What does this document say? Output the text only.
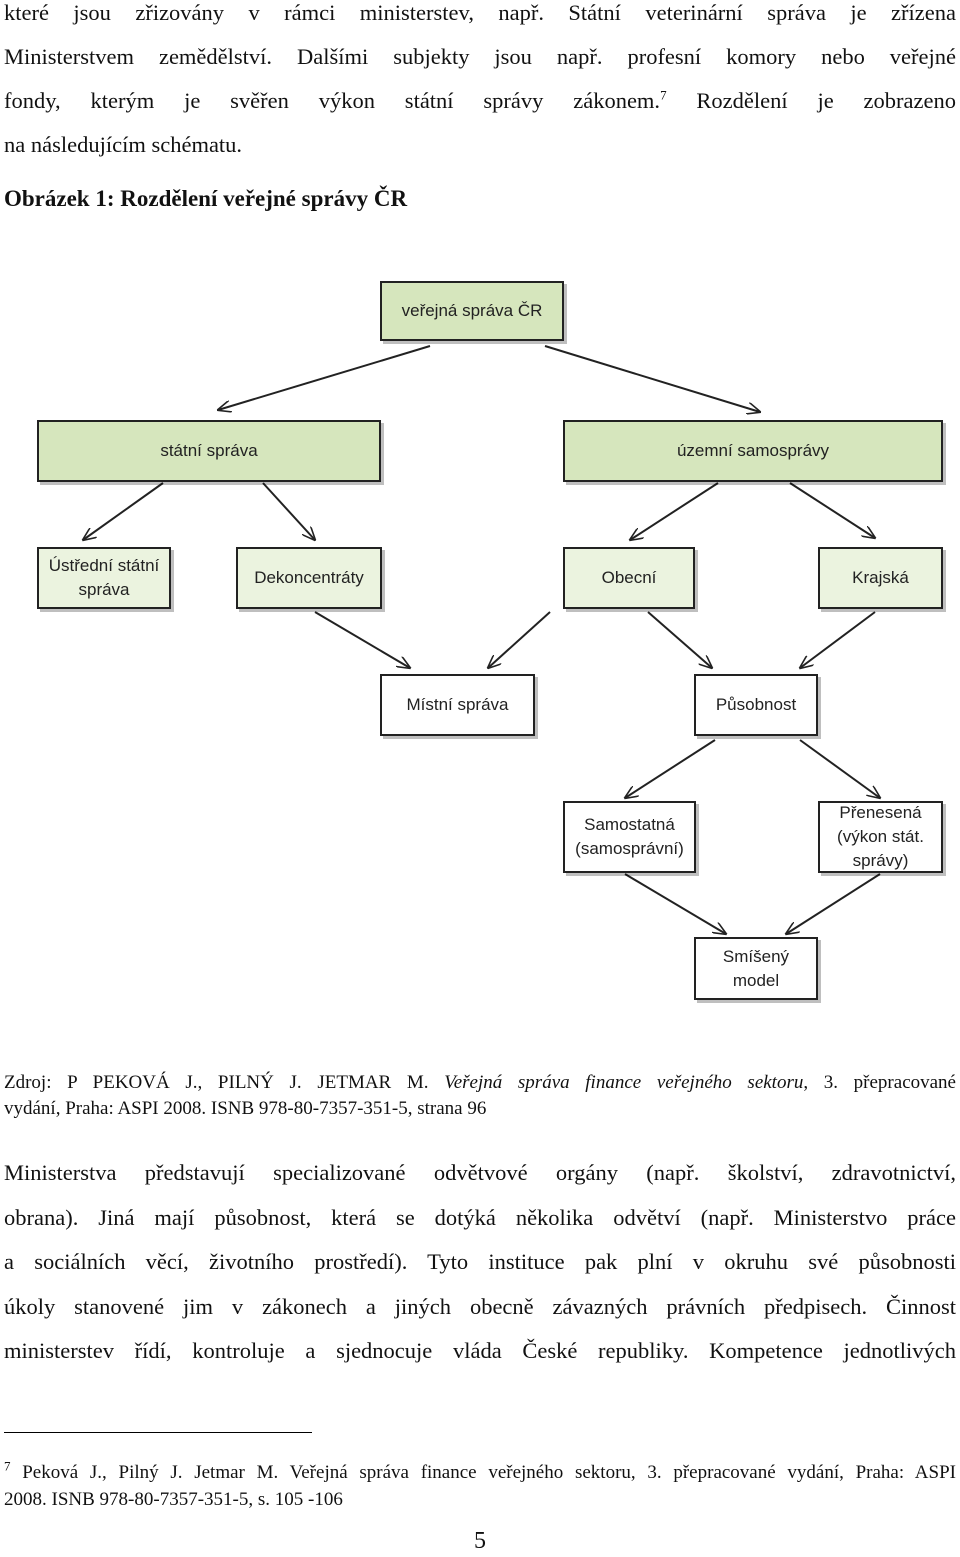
které jsou zřizovány v rámci ministerstev, např. Státní veterinární správa je zřízena
Ministerstvem zemědělství. Dalšími subjekty jsou např. profesní komory nebo veřejné
fondy, kterým je svěřen výkon státní správy zákonem.$^7$ Rozdělení je zobrazeno
na následujícím schématu.
Obrázek 1: Rozdělení veřejné správy ČR
veřejná správa ČR
státní správa	územní samosprávy
Ústřední státní správa
Dekoncentráty	Obecní	Krajská
Místní správa	Působnost
Samostatná (samosprávní)
Přenesená (výkon stát. správy)
Smíšený model
Zdroj: P PEKOVÁ J., PILNÝ J. JETMAR M. Veřejná správa finance veřejného sektoru, 3. přepracované
vydání, Praha: ASPI 2008. ISNB 978-80-7357-351-5, strana 96
Ministerstva představují specializované odvětvové orgány (např. školství, zdravotnictví,
obrana). Jiná mají působnost, která se dotýká několika odvětví (např. Ministerstvo práce
a sociálních věcí, životního prostředí). Tyto instituce pak plní v okruhu své působnosti
úkoly stanovené jim v zákonech a jiných obecně závazných právních předpisech. Činnost
ministerstev řídí, kontroluje a sjednocuje vláda České republiky. Kompetence jednotlivých
$^7$ Peková J., Pilný J. Jetmar M. Veřejná správa finance veřejného sektoru, 3. přepracované vydání, Praha: ASPI
2008. ISNB 978-80-7357-351-5, s. 105 -106
5
